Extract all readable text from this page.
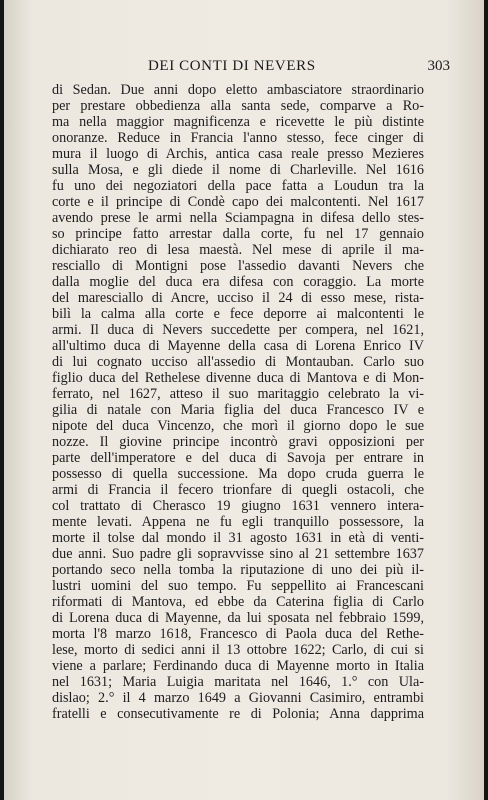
DEI CONTI DI NEVERS	303
di Sedan. Due anni dopo eletto ambasciatore straordinario
per prestare obbedienza alla santa sede, comparve a Ro-
ma nella maggior magnificenza e ricevette le più distinte
onoranze. Reduce in Francia l'anno stesso, fece cinger di
mura il luogo di Archis, antica casa reale presso Mezieres
sulla Mosa, e gli diede il nome di Charleville. Nel 1616
fu uno dei negoziatori della pace fatta a Loudun tra la
corte e il principe di Condè capo dei malcontenti. Nel 1617
avendo prese le armi nella Sciampagna in difesa dello stes-
so principe fatto arrestar dalla corte, fu nel 17 gennaio
dichiarato reo di lesa maestà. Nel mese di aprile il ma-
resciallo di Montigni pose l'assedio davanti Nevers che
dalla moglie del duca era difesa con coraggio. La morte
del maresciallo di Ancre, ucciso il 24 di esso mese, rista-
bilì la calma alla corte e fece deporre ai malcontenti le
armi. Il duca di Nevers succedette per compera, nel 1621,
all'ultimo duca di Mayenne della casa di Lorena Enrico IV
di lui cognato ucciso all'assedio di Montauban. Carlo suo
figlio duca del Rethelese divenne duca di Mantova e di Mon-
ferrato, nel 1627, atteso il suo maritaggio celebrato la vi-
gilia di natale con Maria figlia del duca Francesco IV e
nipote del duca Vincenzo, che morì il giorno dopo le sue
nozze. Il giovine principe incontrò gravi opposizioni per
parte dell'imperatore e del duca di Savoja per entrare in
possesso di quella successione. Ma dopo cruda guerra le
armi di Francia il fecero trionfare di quegli ostacoli, che
col trattato di Cherasco 19 giugno 1631 vennero intera-
mente levati. Appena ne fu egli tranquillo possessore, la
morte il tolse dal mondo il 31 agosto 1631 in età di venti-
due anni. Suo padre gli sopravvisse sino al 21 settembre 1637
portando seco nella tomba la riputazione di uno dei più il-
lustri uomini del suo tempo. Fu seppellito ai Francescani
riformati di Mantova, ed ebbe da Caterina figlia di Carlo
di Lorena duca di Mayenne, da lui sposata nel febbraio 1599,
morta l'8 marzo 1618, Francesco di Paola duca del Rethe-
lese, morto di sedici anni il 13 ottobre 1622; Carlo, di cui si
viene a parlare; Ferdinando duca di Mayenne morto in Italia
nel 1631; Maria Luigia maritata nel 1646, 1.° con Ula-
dislao; 2.° il 4 marzo 1649 a Giovanni Casimiro, entrambi
fratelli e consecutivamente re di Polonia; Anna dapprima
